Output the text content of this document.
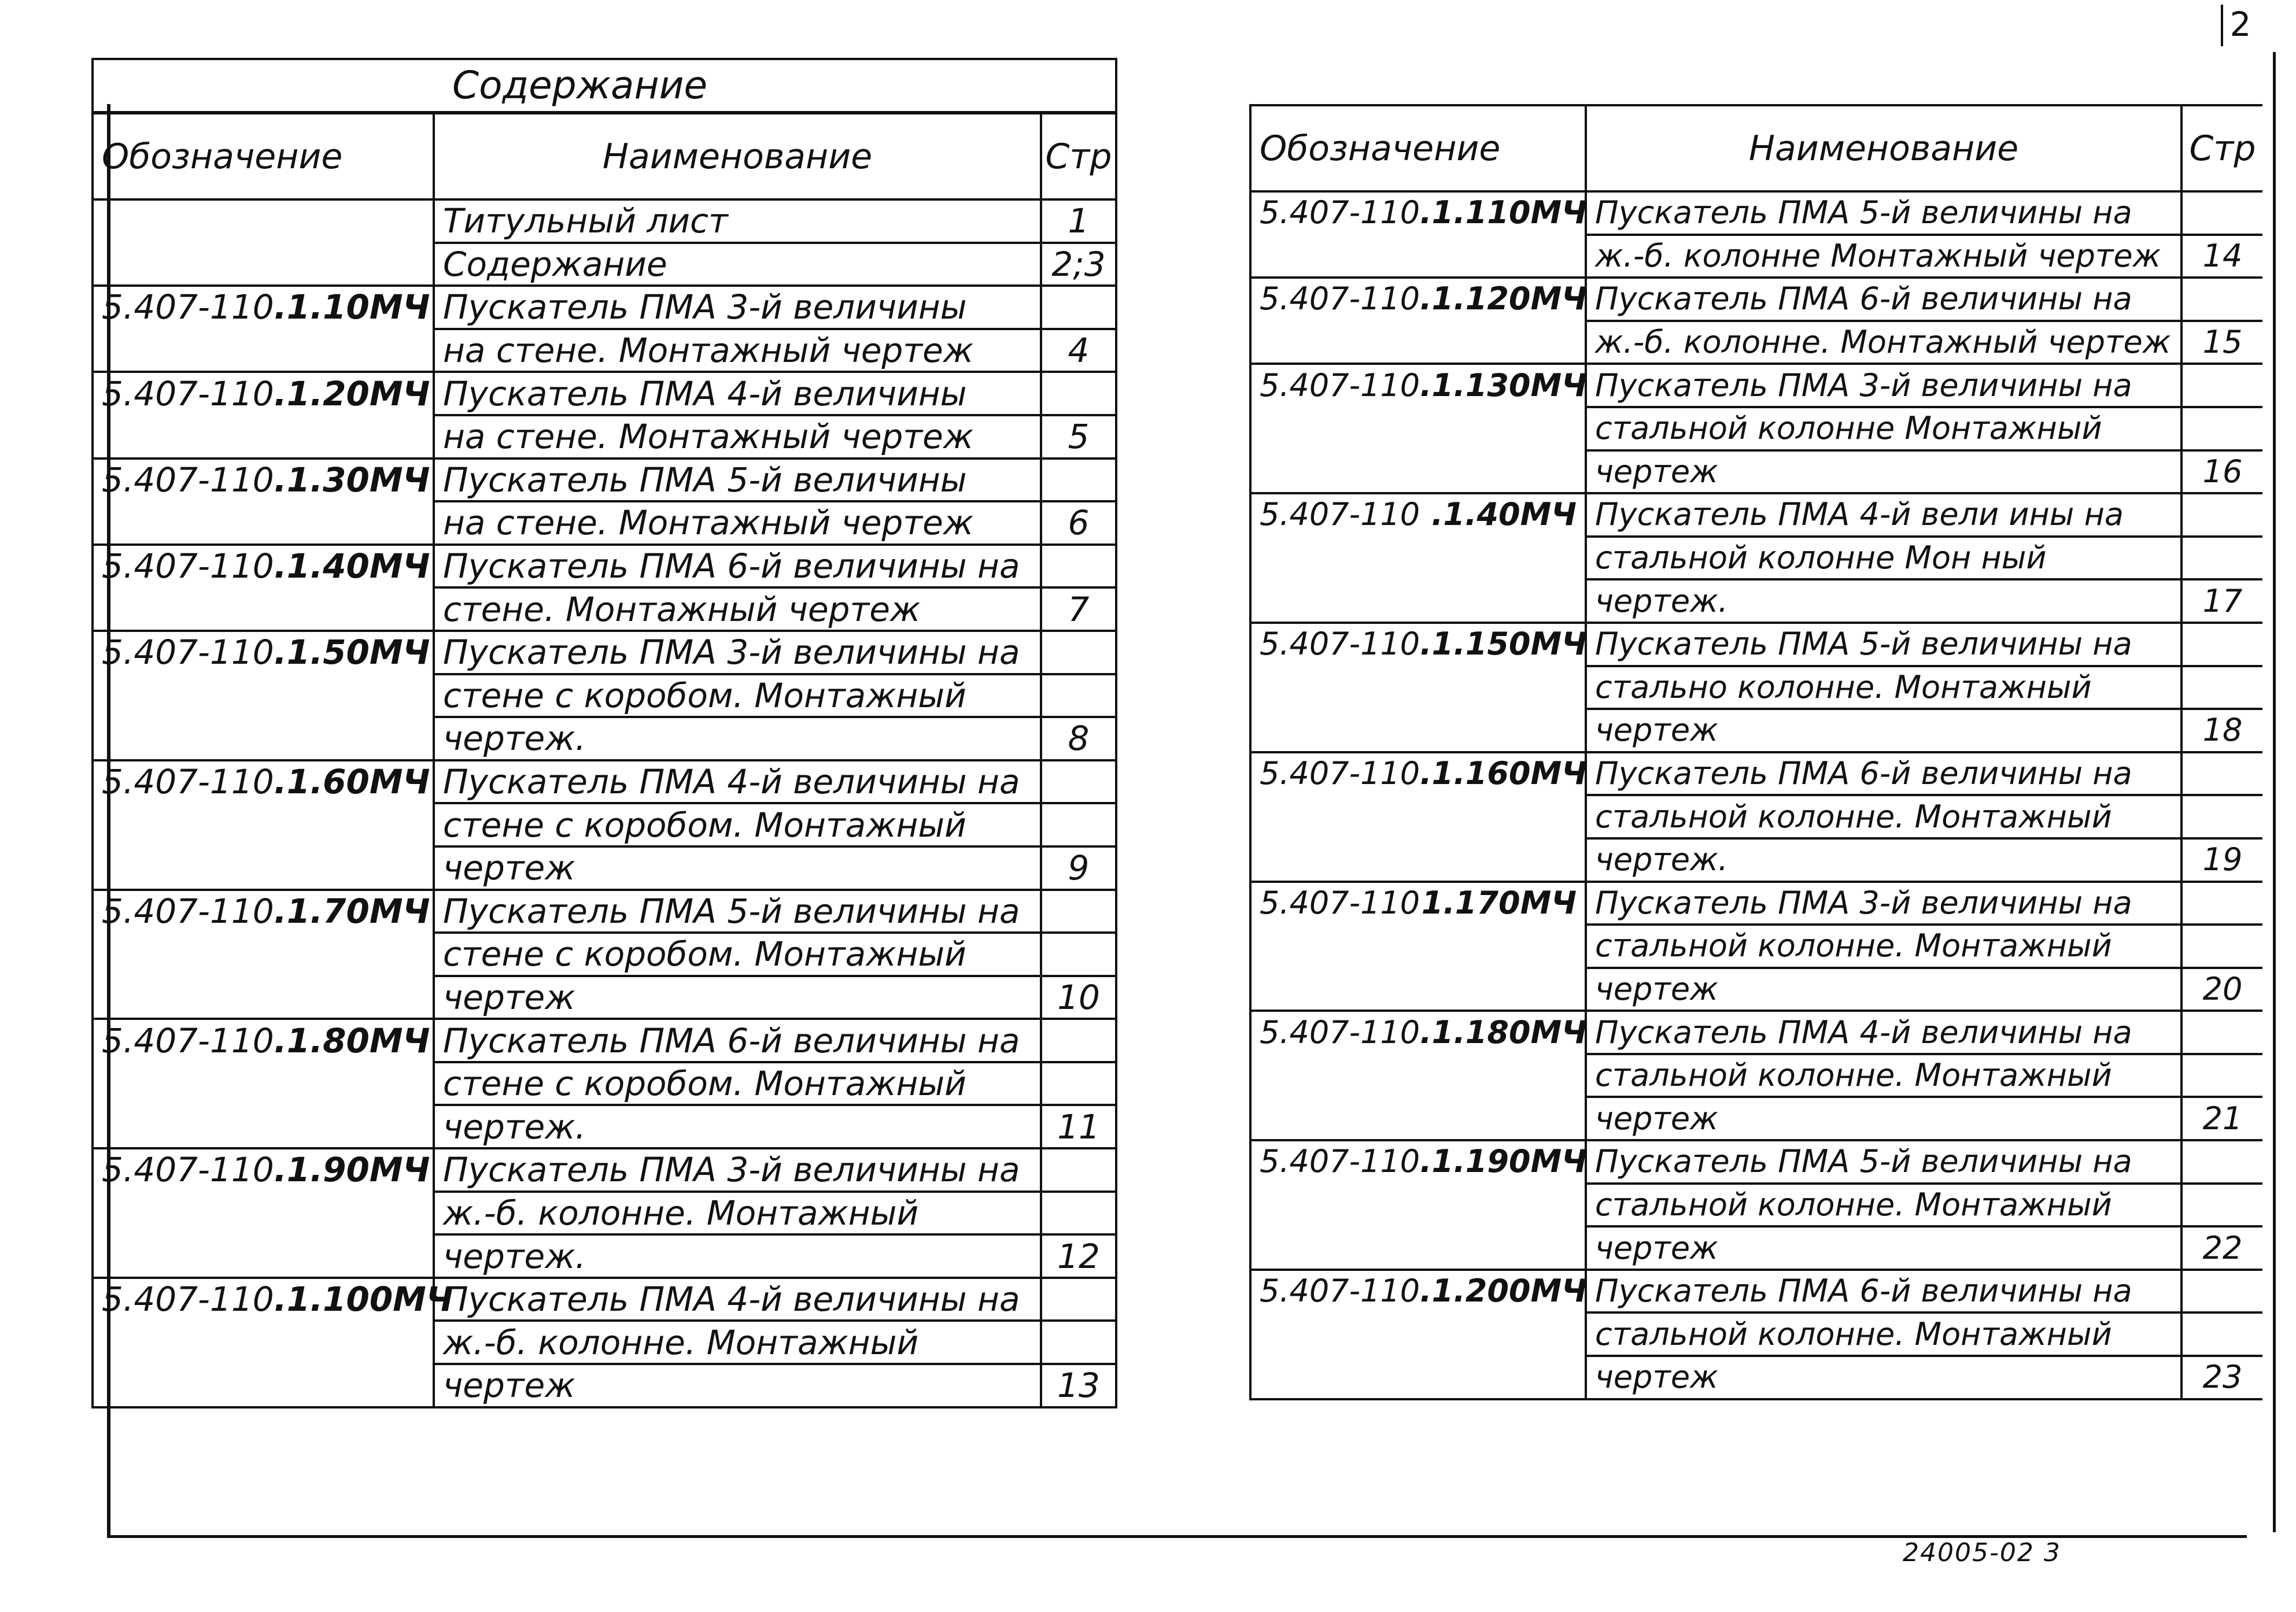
2
24005-02 3
Содержание		
Обозначение	Наименование	Стр

	Титульный лист	1

	Содержание	2;3

5.407-110 .1.10МЧ	Пускатель ПМА 3-й величины	

	на стене. Монтажный чертеж	4

5.407-110 .1.20МЧ	Пускатель ПМА 4-й величины	

	на стене. Монтажный чертеж	5

5.407-110 .1.30МЧ	Пускатель ПМА 5-й величины	

	на стене. Монтажный чертеж	6

5.407-110 .1.40МЧ	Пускатель ПМА 6-й величины на	

	стене. Монтажный чертеж	7

5.407-110 .1.50МЧ	Пускатель ПМА 3-й величины на	

	стене с коробом. Монтажный	

	чертеж.	8

5.407-110 .1.60МЧ	Пускатель ПМА 4-й величины на	

	стене с коробом. Монтажный	

	чертеж	9

5.407-110 .1.70МЧ	Пускатель ПМА 5-й величины на	

	стене с коробом. Монтажный	

	чертеж	10

5.407-110 .1.80МЧ	Пускатель ПМА 6-й величины на	

	стене с коробом. Монтажный	

	чертеж.	11

5.407-110 .1.90МЧ	Пускатель ПМА 3-й величины на	

	ж.-б. колонне. Монтажный	

	чертеж.	12

5.407-110 .1.100МЧ	Пускатель ПМА 4-й величины на	

	ж.-б. колонне. Монтажный	

	чертеж	13
Обозначение	Наименование	Стр

5.407-110 .1.110МЧ	Пускатель ПМА 5-й величины на	

	ж.-б. колонне Монтажный чертеж	14

5.407-110 .1.120МЧ	Пускатель ПМА 6-й величины на	

	ж.-б. колонне. Монтажный чертеж	15

5.407-110 .1.130МЧ	Пускатель ПМА 3-й величины на	

	стальной колонне Монтажный	

	чертеж	16

5.407-110 .1.40МЧ	Пускатель ПМА 4-й вели ины на	

	стальной колонне Мон ный	

	чертеж.	17

5.407-110 .1.150МЧ	Пускатель ПМА 5-й величины на	

	стально колонне. Монтажный	

	чертеж	18

5.407-110 .1.160МЧ	Пускатель ПМА 6-й величины на	

	стальной колонне. Монтажный	

	чертеж.	19

5.407-110 1.170МЧ	Пускатель ПМА 3-й величины на	

	стальной колонне. Монтажный	

	чертеж	20

5.407-110 .1.180МЧ	Пускатель ПМА 4-й величины на	

	стальной колонне. Монтажный	

	чертеж	21

5.407-110 .1.190МЧ	Пускатель ПМА 5-й величины на	

	стальной колонне. Монтажный	

	чертеж	22

5.407-110 .1.200МЧ	Пускатель ПМА 6-й величины на	

	стальной колонне. Монтажный	

	чертеж	23
